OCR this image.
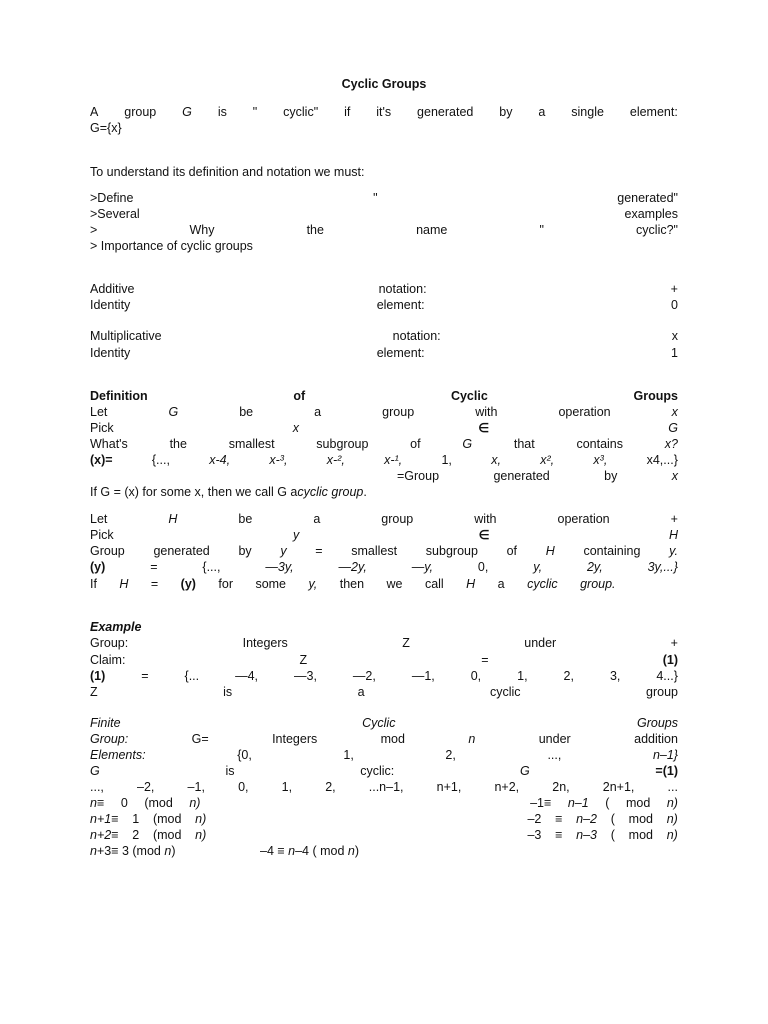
Cyclic Groups
A group G is " cyclic" if it's generated by a single element:
G={x}
To understand its definition and notation we must:
>Define	"	generated"
>Several	examples
>	Why	the	name	"	cyclic?"
> Importance of cyclic groups
Additive	notation:	+
Identity	element:	0
Multiplicative	notation:	x
Identity	element:	1
Definition	of	Cyclic	Groups
Let	G	be	a	group	with	operation	x
Pick	x	∈	G
What's	the	smallest	subgroup	of	G	that	contains	x?
(x)=	{...,	x-4,	x-³,	x-²,	x-¹,	1,	x,	x²,	x³,	x4,...}
=Group	generated	by	x
If G = (x) for some x, then we call G a cyclic group .
Let	H	be	a	group	with	operation	+
Pick	y	∈	H
Group generated by y = smallest subgroup of H containing y.
(y)	=	{...,	—3y,	—2y,	—y,	0,	y,	2y,	3y,...}
If H = (y) for some y, then we call H a cyclic group.
Example
Group:	Integers	Z	under	+
Claim:	Z	=	(1)
(1)	=	{...	—4,	—3,	—2,	—1,	0,	1,	2,	3,	4...}
Z	is	a	cyclic	group
Finite	Cyclic	Groups
Group:	G=	Integers	mod	n	under	addition
Elements:	{0,	1,	2,	...,	n–1}
G	is	cyclic:	G	=(1)
...,	–2,	–1,	0,	1,	2,	...n–1,	n+1,	n+2,	2n,	2n+1,	...
n≡ 0 (mod n)	–1≡ n–1 ( mod n)
n+1≡ 1 (mod n)	–2 ≡ n–2 ( mod n)
n+2≡ 2 (mod n)	–3 ≡ n–3 ( mod n)
n+3≡ 3 (mod n)	–4 ≡ n–4 ( mod n)
